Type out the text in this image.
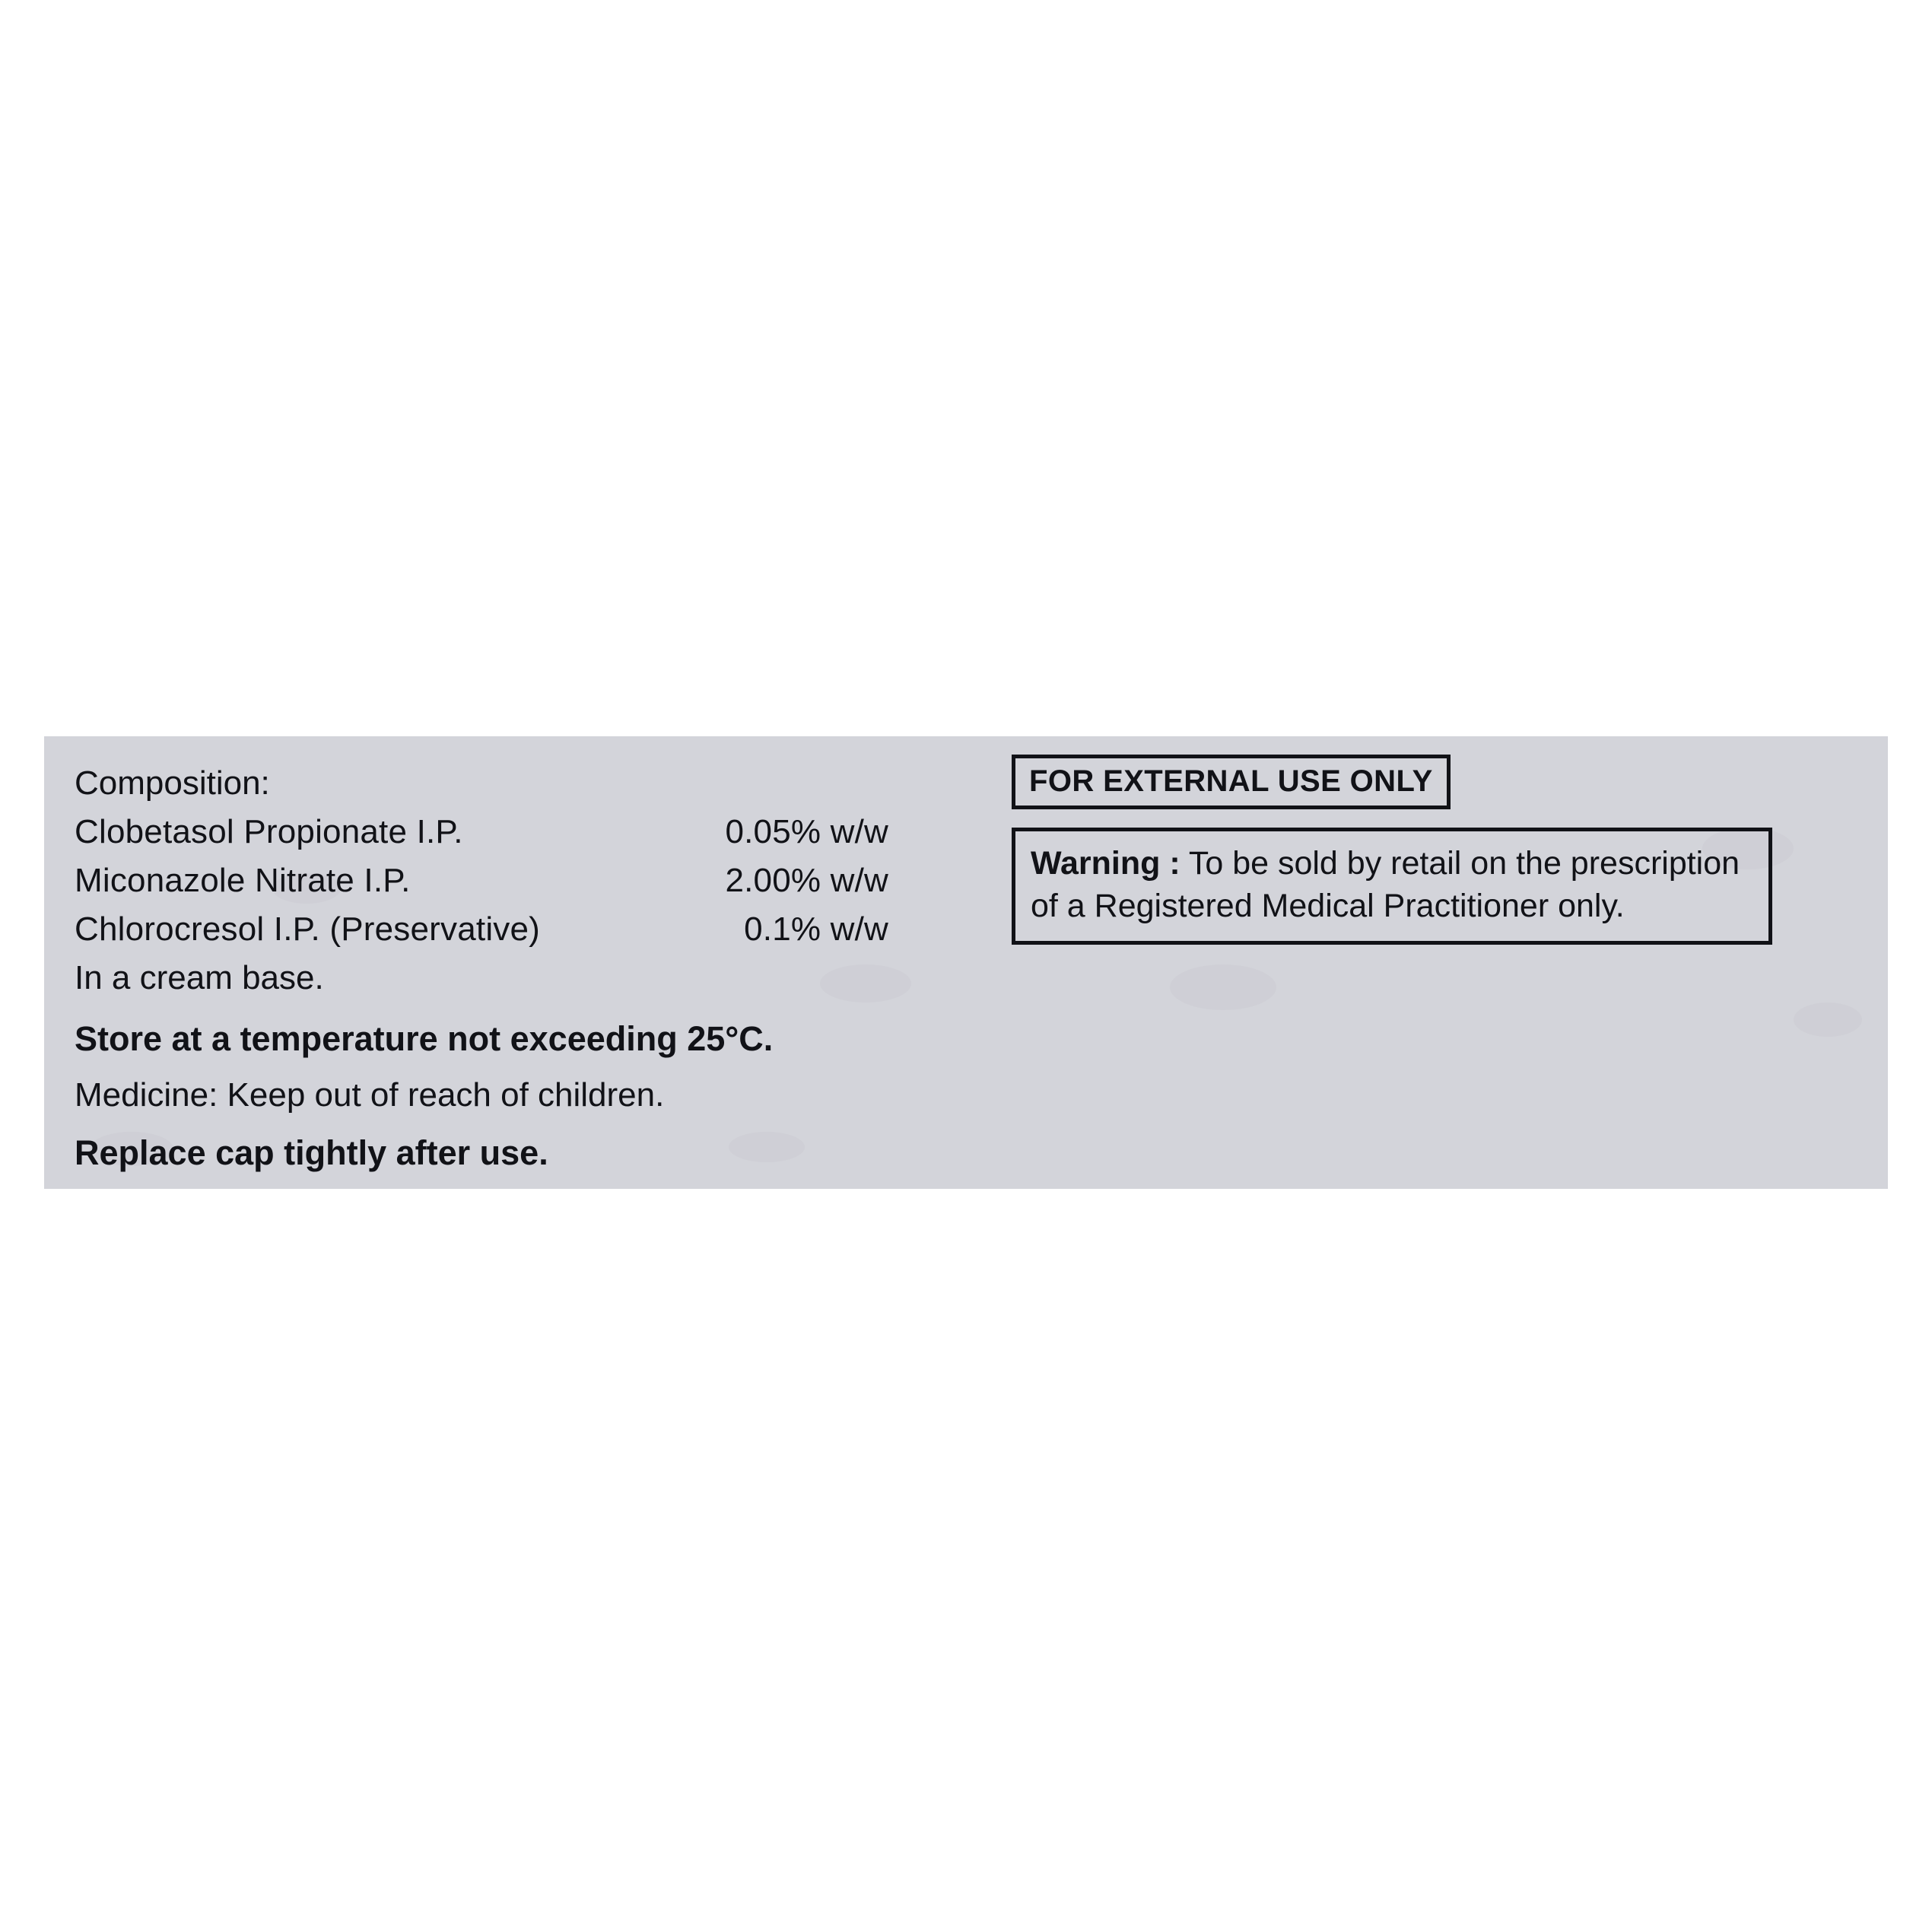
Composition:
Clobetasol Propionate I.P.	0.05% w/w
Miconazole Nitrate I.P.	2.00% w/w
Chlorocresol I.P. (Preservative)	0.1% w/w
In a cream base.
Store at a temperature not exceeding 25°C.
Medicine: Keep out of reach of children.
Replace cap tightly after use.
FOR EXTERNAL USE ONLY
Warning : To be sold by retail on the prescription
of a Registered Medical Practitioner only.
